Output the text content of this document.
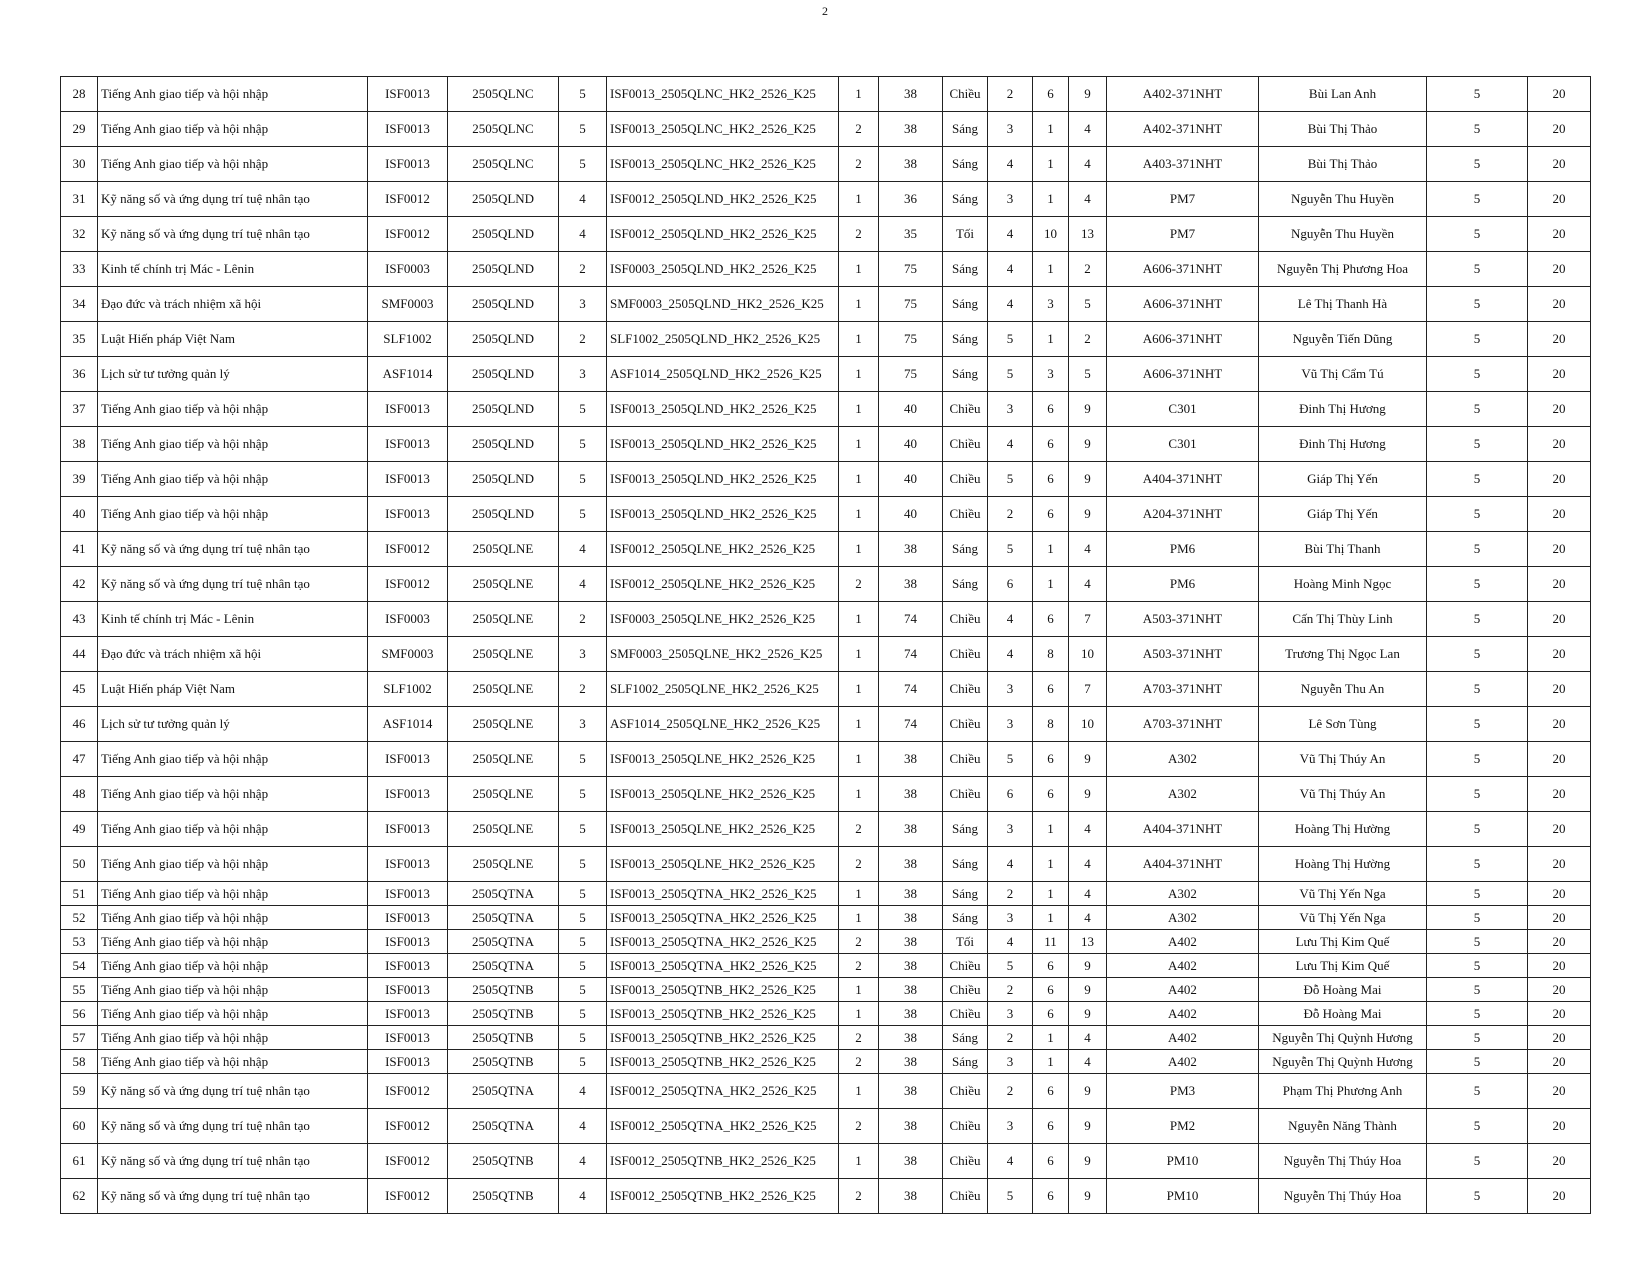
2
28	Tiếng Anh giao tiếp và hội nhập	ISF0013	2505QLNC	5	ISF0013_2505QLNC_HK2_2526_K25	1	38	Chiều	2	6	9	A402-371NHT	Bùi Lan Anh	5	20
29	Tiếng Anh giao tiếp và hội nhập	ISF0013	2505QLNC	5	ISF0013_2505QLNC_HK2_2526_K25	2	38	Sáng	3	1	4	A402-371NHT	Bùi Thị Thảo	5	20
30	Tiếng Anh giao tiếp và hội nhập	ISF0013	2505QLNC	5	ISF0013_2505QLNC_HK2_2526_K25	2	38	Sáng	4	1	4	A403-371NHT	Bùi Thị Thảo	5	20
31	Kỹ năng số và ứng dụng trí tuệ nhân tạo	ISF0012	2505QLND	4	ISF0012_2505QLND_HK2_2526_K25	1	36	Sáng	3	1	4	PM7	Nguyễn Thu Huyền	5	20
32	Kỹ năng số và ứng dụng trí tuệ nhân tạo	ISF0012	2505QLND	4	ISF0012_2505QLND_HK2_2526_K25	2	35	Tối	4	10	13	PM7	Nguyễn Thu Huyền	5	20
33	Kinh tế chính trị Mác - Lênin	ISF0003	2505QLND	2	ISF0003_2505QLND_HK2_2526_K25	1	75	Sáng	4	1	2	A606-371NHT	Nguyễn Thị Phương Hoa	5	20
34	Đạo đức và trách nhiệm xã hội	SMF0003	2505QLND	3	SMF0003_2505QLND_HK2_2526_K25	1	75	Sáng	4	3	5	A606-371NHT	Lê Thị Thanh Hà	5	20
35	Luật Hiến pháp Việt Nam	SLF1002	2505QLND	2	SLF1002_2505QLND_HK2_2526_K25	1	75	Sáng	5	1	2	A606-371NHT	Nguyễn Tiến Dũng	5	20
36	Lịch sử tư tưởng quản lý	ASF1014	2505QLND	3	ASF1014_2505QLND_HK2_2526_K25	1	75	Sáng	5	3	5	A606-371NHT	Vũ Thị Cẩm Tú	5	20
37	Tiếng Anh giao tiếp và hội nhập	ISF0013	2505QLND	5	ISF0013_2505QLND_HK2_2526_K25	1	40	Chiều	3	6	9	C301	Đinh Thị Hương	5	20
38	Tiếng Anh giao tiếp và hội nhập	ISF0013	2505QLND	5	ISF0013_2505QLND_HK2_2526_K25	1	40	Chiều	4	6	9	C301	Đinh Thị Hương	5	20
39	Tiếng Anh giao tiếp và hội nhập	ISF0013	2505QLND	5	ISF0013_2505QLND_HK2_2526_K25	1	40	Chiều	5	6	9	A404-371NHT	Giáp Thị Yến	5	20
40	Tiếng Anh giao tiếp và hội nhập	ISF0013	2505QLND	5	ISF0013_2505QLND_HK2_2526_K25	1	40	Chiều	2	6	9	A204-371NHT	Giáp Thị Yến	5	20
41	Kỹ năng số và ứng dụng trí tuệ nhân tạo	ISF0012	2505QLNE	4	ISF0012_2505QLNE_HK2_2526_K25	1	38	Sáng	5	1	4	PM6	Bùi Thị Thanh	5	20
42	Kỹ năng số và ứng dụng trí tuệ nhân tạo	ISF0012	2505QLNE	4	ISF0012_2505QLNE_HK2_2526_K25	2	38	Sáng	6	1	4	PM6	Hoàng Minh Ngọc	5	20
43	Kinh tế chính trị Mác - Lênin	ISF0003	2505QLNE	2	ISF0003_2505QLNE_HK2_2526_K25	1	74	Chiều	4	6	7	A503-371NHT	Cấn Thị Thùy Linh	5	20
44	Đạo đức và trách nhiệm xã hội	SMF0003	2505QLNE	3	SMF0003_2505QLNE_HK2_2526_K25	1	74	Chiều	4	8	10	A503-371NHT	Trương Thị Ngọc Lan	5	20
45	Luật Hiến pháp Việt Nam	SLF1002	2505QLNE	2	SLF1002_2505QLNE_HK2_2526_K25	1	74	Chiều	3	6	7	A703-371NHT	Nguyễn Thu An	5	20
46	Lịch sử tư tưởng quản lý	ASF1014	2505QLNE	3	ASF1014_2505QLNE_HK2_2526_K25	1	74	Chiều	3	8	10	A703-371NHT	Lê Sơn Tùng	5	20
47	Tiếng Anh giao tiếp và hội nhập	ISF0013	2505QLNE	5	ISF0013_2505QLNE_HK2_2526_K25	1	38	Chiều	5	6	9	A302	Vũ Thị Thúy An	5	20
48	Tiếng Anh giao tiếp và hội nhập	ISF0013	2505QLNE	5	ISF0013_2505QLNE_HK2_2526_K25	1	38	Chiều	6	6	9	A302	Vũ Thị Thúy An	5	20
49	Tiếng Anh giao tiếp và hội nhập	ISF0013	2505QLNE	5	ISF0013_2505QLNE_HK2_2526_K25	2	38	Sáng	3	1	4	A404-371NHT	Hoàng Thị Hường	5	20
50	Tiếng Anh giao tiếp và hội nhập	ISF0013	2505QLNE	5	ISF0013_2505QLNE_HK2_2526_K25	2	38	Sáng	4	1	4	A404-371NHT	Hoàng Thị Hường	5	20
51	Tiếng Anh giao tiếp và hội nhập	ISF0013	2505QTNA	5	ISF0013_2505QTNA_HK2_2526_K25	1	38	Sáng	2	1	4	A302	Vũ Thị Yến Nga	5	20
52	Tiếng Anh giao tiếp và hội nhập	ISF0013	2505QTNA	5	ISF0013_2505QTNA_HK2_2526_K25	1	38	Sáng	3	1	4	A302	Vũ Thị Yến Nga	5	20
53	Tiếng Anh giao tiếp và hội nhập	ISF0013	2505QTNA	5	ISF0013_2505QTNA_HK2_2526_K25	2	38	Tối	4	11	13	A402	Lưu Thị Kim Quế	5	20
54	Tiếng Anh giao tiếp và hội nhập	ISF0013	2505QTNA	5	ISF0013_2505QTNA_HK2_2526_K25	2	38	Chiều	5	6	9	A402	Lưu Thị Kim Quế	5	20
55	Tiếng Anh giao tiếp và hội nhập	ISF0013	2505QTNB	5	ISF0013_2505QTNB_HK2_2526_K25	1	38	Chiều	2	6	9	A402	Đỗ Hoàng Mai	5	20
56	Tiếng Anh giao tiếp và hội nhập	ISF0013	2505QTNB	5	ISF0013_2505QTNB_HK2_2526_K25	1	38	Chiều	3	6	9	A402	Đỗ Hoàng Mai	5	20
57	Tiếng Anh giao tiếp và hội nhập	ISF0013	2505QTNB	5	ISF0013_2505QTNB_HK2_2526_K25	2	38	Sáng	2	1	4	A402	Nguyễn Thị Quỳnh Hương	5	20
58	Tiếng Anh giao tiếp và hội nhập	ISF0013	2505QTNB	5	ISF0013_2505QTNB_HK2_2526_K25	2	38	Sáng	3	1	4	A402	Nguyễn Thị Quỳnh Hương	5	20
59	Kỹ năng số và ứng dụng trí tuệ nhân tạo	ISF0012	2505QTNA	4	ISF0012_2505QTNA_HK2_2526_K25	1	38	Chiều	2	6	9	PM3	Phạm Thị Phương Anh	5	20
60	Kỹ năng số và ứng dụng trí tuệ nhân tạo	ISF0012	2505QTNA	4	ISF0012_2505QTNA_HK2_2526_K25	2	38	Chiều	3	6	9	PM2	Nguyễn Năng Thành	5	20
61	Kỹ năng số và ứng dụng trí tuệ nhân tạo	ISF0012	2505QTNB	4	ISF0012_2505QTNB_HK2_2526_K25	1	38	Chiều	4	6	9	PM10	Nguyễn Thị Thúy Hoa	5	20
62	Kỹ năng số và ứng dụng trí tuệ nhân tạo	ISF0012	2505QTNB	4	ISF0012_2505QTNB_HK2_2526_K25	2	38	Chiều	5	6	9	PM10	Nguyễn Thị Thúy Hoa	5	20
